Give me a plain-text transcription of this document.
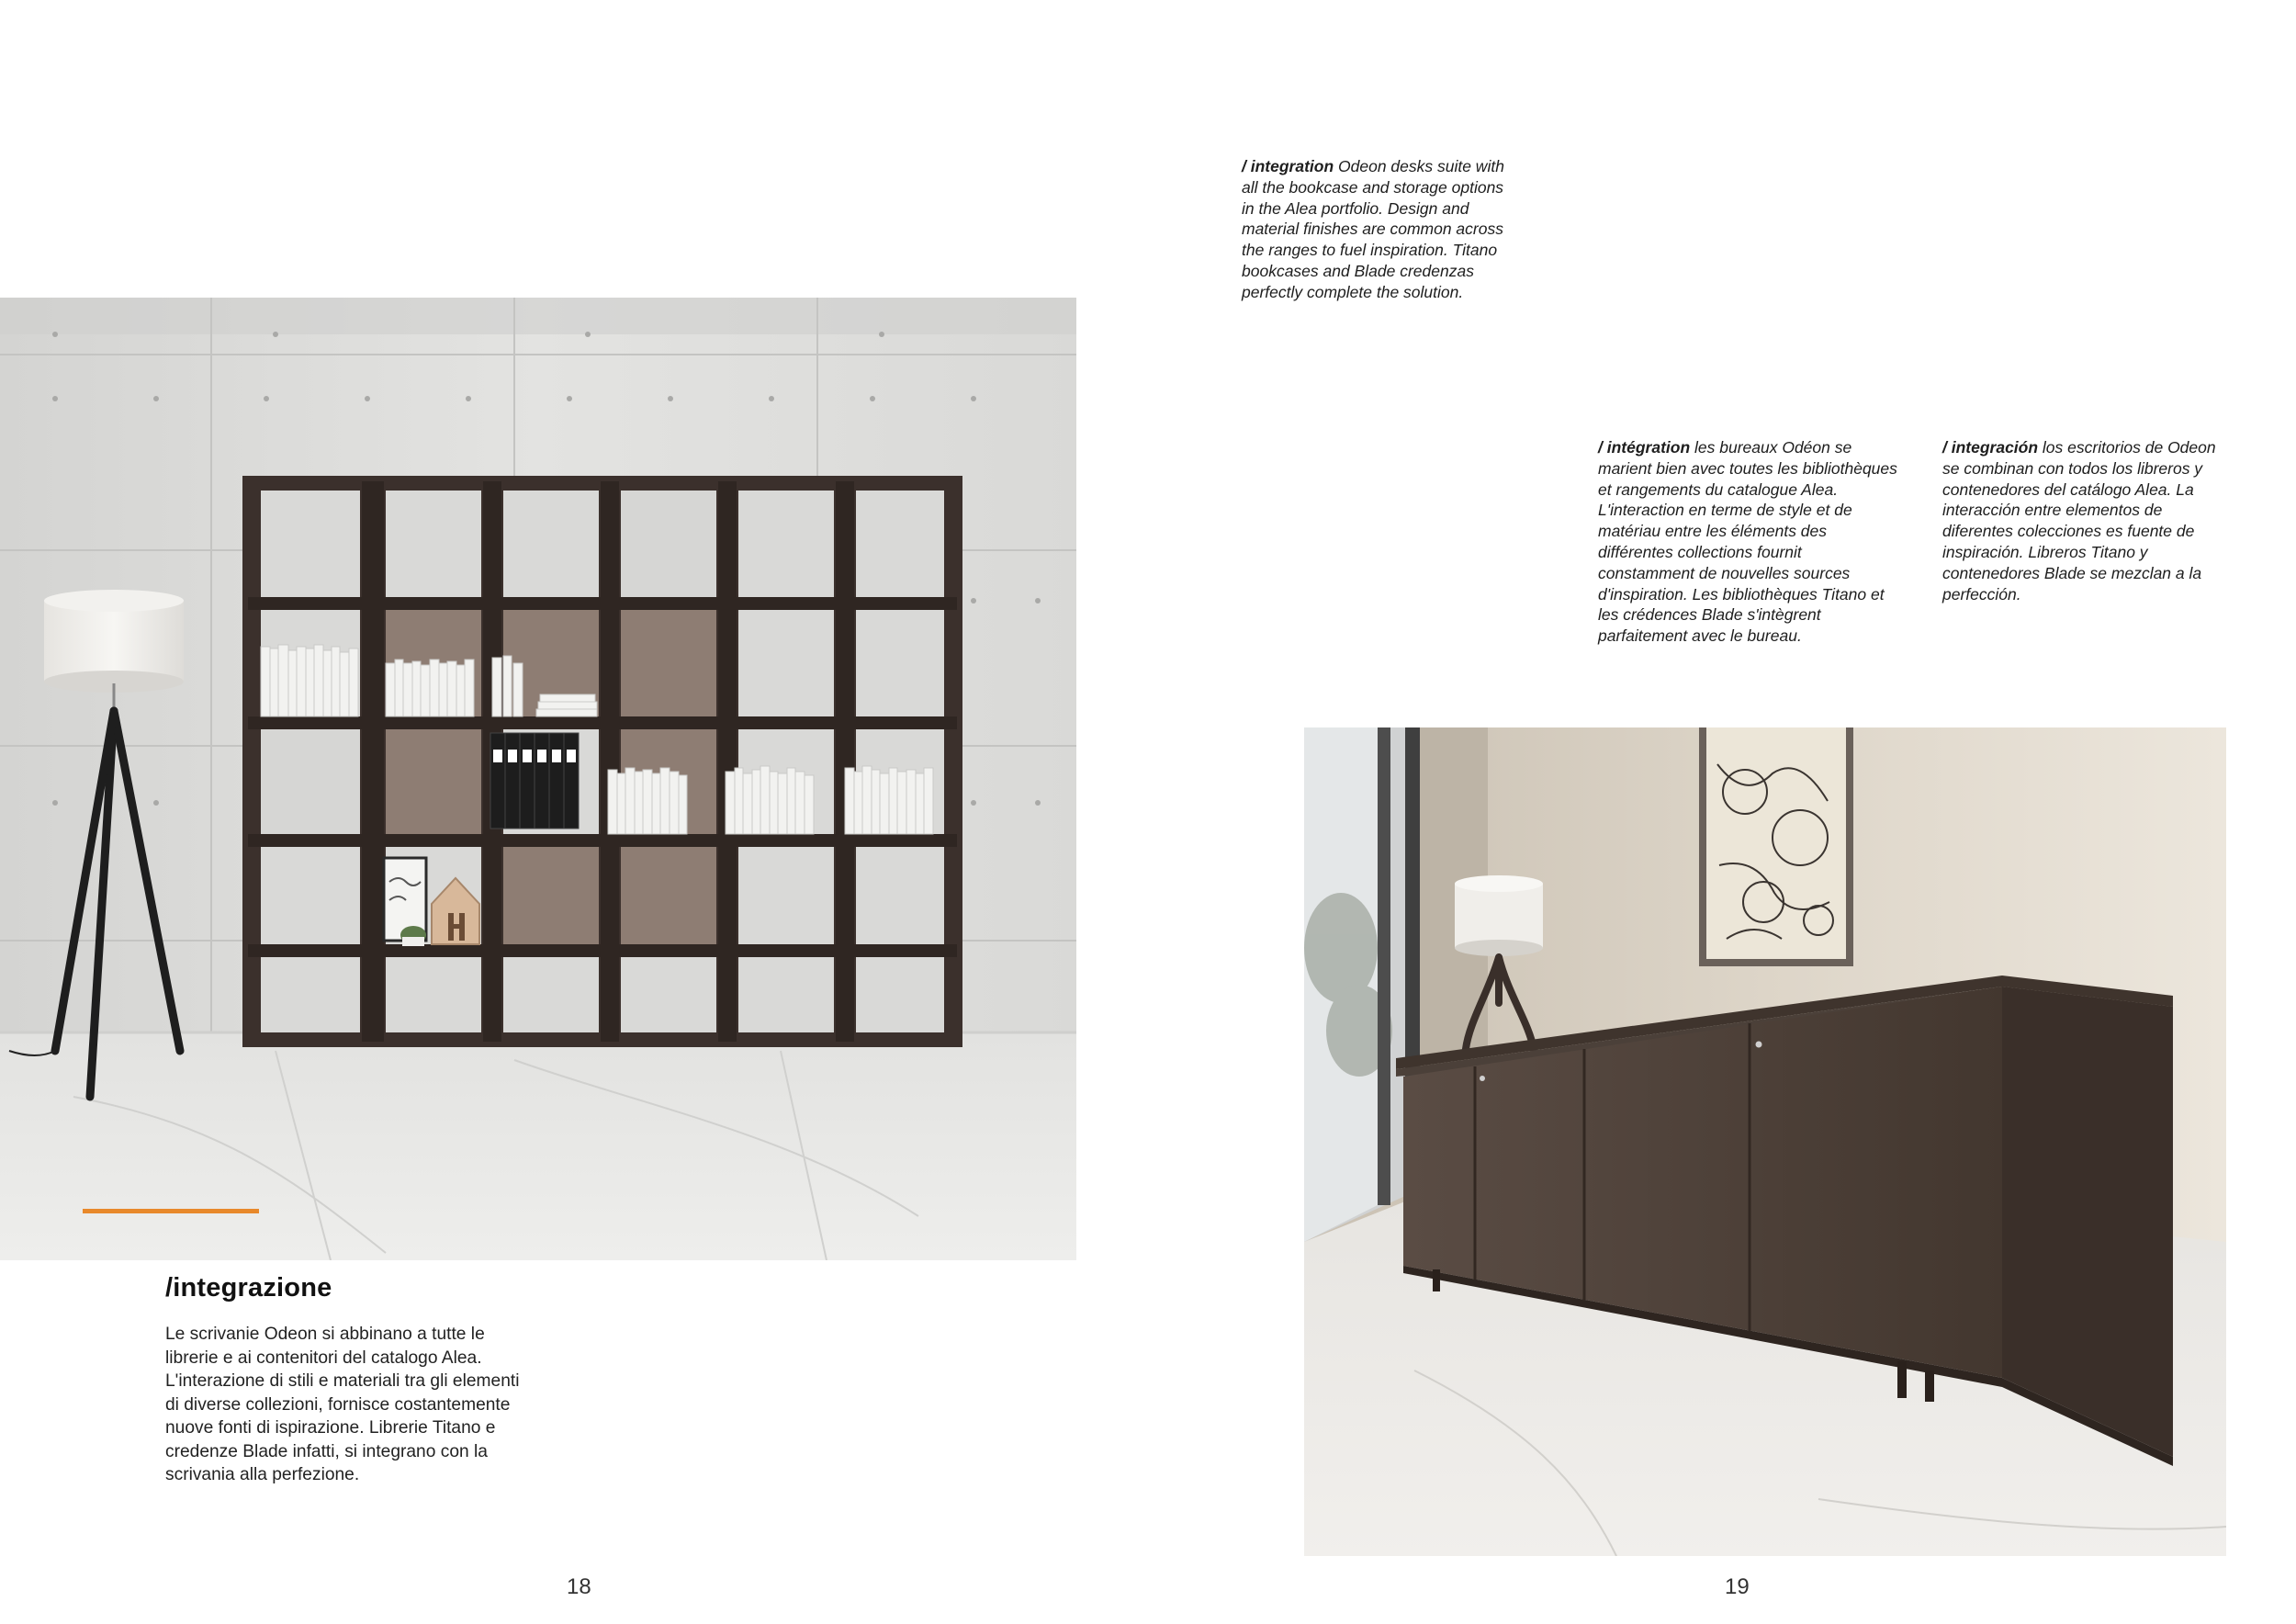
/ integration Odeon desks suite with all the bookcase and storage options in the Alea portfolio. Design and material finishes are common across the ranges to fuel inspiration. Titano bookcases and Blade credenzas perfectly complete the solution.
/ intégration les bureaux Odéon se marient bien avec toutes les bibliothèques et rangements du catalogue Alea. L'interaction en terme de style et de matériau entre les éléments des différentes collections fournit constamment de nouvelles sources d'inspiration. Les bibliothèques Titano et les crédences Blade s'intègrent parfaitement avec le bureau.
/ integración los escritorios de Odeon se combinan con todos los libreros y contenedores del catálogo Alea. La interacción entre elementos de diferentes colecciones es fuente de inspiración. Libreros Titano y contenedores Blade se mezclan a la perfección.
/integrazione
Le scrivanie Odeon si abbinano a tutte le librerie e ai contenitori del catalogo Alea. L'interazione di stili e materiali tra gli elementi di diverse collezioni, fornisce costantemente nuove fonti di ispirazione. Librerie Titano e credenze Blade infatti, si integrano con la scrivania alla perfezione.
18	19
